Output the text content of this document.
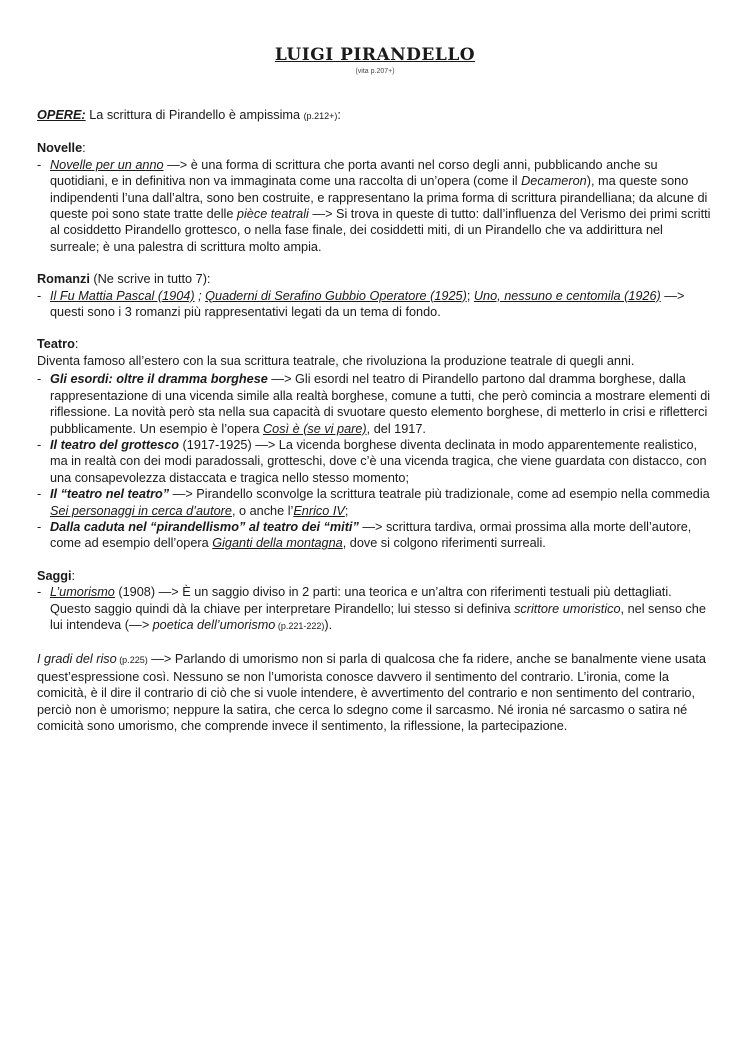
LUIGI PIRANDELLO
(vita p.207+)

OPERE: La scrittura di Pirandello è ampissima (p.212+):

Novelle:

- Novelle per un anno —> è una forma di scrittura che porta avanti nel corso degli anni, pubblicando anche su quotidiani, e in definitiva non va immaginata come una raccolta di un’opera (come il Decameron), ma queste sono indipendenti l’una dall’altra, sono ben costruite, e rappresentano la prima forma di scrittura pirandelliana; da alcune di queste poi sono state tratte delle pièce teatrali —> Si trova in queste di tutto: dall’influenza del Verismo dei primi scritti al cosiddetto Pirandello grottesco, o nella fase finale, dei cosiddetti miti, di un Pirandello che va addirittura nel surreale; è una palestra di scrittura molto ampia.

Romanzi (Ne scrive in tutto 7):

- Il Fu Mattia Pascal (1904) ; Quaderni di Serafino Gubbio Operatore (1925); Uno, nessuno e centomila (1926) —> questi sono i 3 romanzi più rappresentativi legati da un tema di fondo.

Teatro:

Diventa famoso all’estero con la sua scrittura teatrale, che rivoluziona la produzione teatrale di quegli anni.

- Gli esordi: oltre il dramma borghese —> Gli esordi nel teatro di Pirandello partono dal dramma borghese, dalla rappresentazione di una vicenda simile alla realtà borghese, comune a tutti, che però comincia a mostrare elementi di riflessione. La novità però sta nella sua capacità di svuotare questo elemento borghese, di metterlo in crisi e rifletterci pubblicamente. Un esempio è l’opera Così è (se vi pare), del 1917.
- Il teatro del grottesco (1917-1925) —> La vicenda borghese diventa declinata in modo apparentemente realistico, ma in realtà con dei modi paradossali, grotteschi, dove c’è una vicenda tragica, che viene guardata con distacco, con una consapevolezza distaccata e tragica nello stesso momento;
- Il “teatro nel teatro” —> Pirandello sconvolge la scrittura teatrale più tradizionale, come ad esempio nella commedia Sei personaggi in cerca d’autore, o anche l’Enrico IV;
- Dalla caduta nel “pirandellismo” al teatro dei “miti” —> scrittura tardiva, ormai prossima alla morte dell’autore, come ad esempio dell’opera Giganti della montagna, dove si colgono riferimenti surreali.

Saggi:

- L’umorismo (1908) —> È un saggio diviso in 2 parti: una teorica e un’altra con riferimenti testuali più dettagliati. Questo saggio quindi dà la chiave per interpretare Pirandello; lui stesso si definiva scrittore umoristico, nel senso che lui intendeva (—> poetica dell’umorismo (p.221-222)).

I gradi del riso (p.225) —> Parlando di umorismo non si parla di qualcosa che fa ridere, anche se banalmente viene usata quest’espressione così. Nessuno se non l’umorista conosce davvero il sentimento del contrario. L’ironia, come la comicità, è il dire il contrario di ciò che si vuole intendere, è avvertimento del contrario e non sentimento del contrario, perciò non è umorismo; neppure la satira, che cerca lo sdegno come il sarcasmo. Né ironia né sarcasmo o satira né comicità sono umorismo, che comprende invece il sentimento, la riflessione, la partecipazione.
